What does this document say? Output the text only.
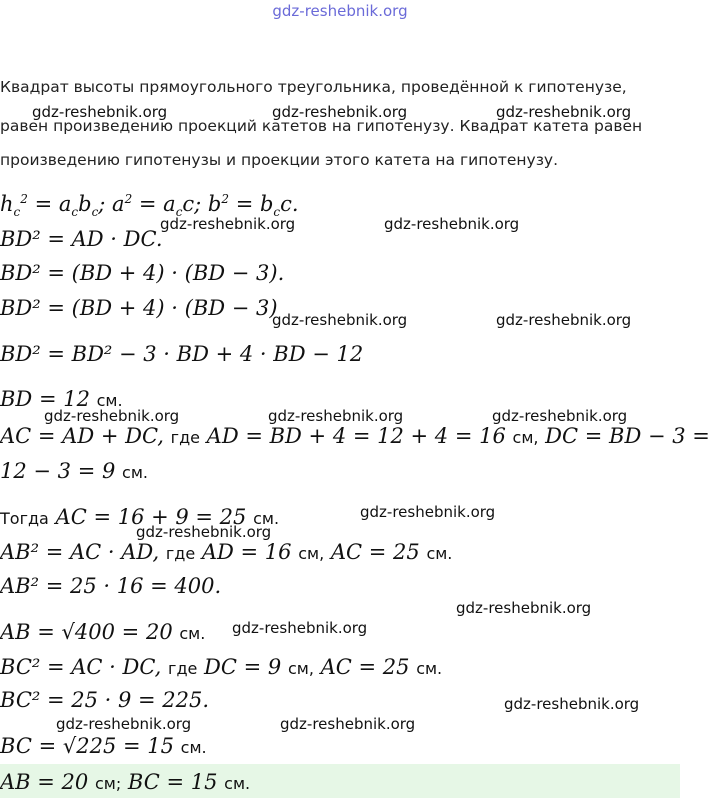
gdz-reshebnik.org
Квадрат высоты прямоугольного треугольника, проведённой к гипотенузе,
равен произведению проекций катетов на гипотенузу. Квадрат катета равен
произведению гипотенузы и проекции этого катета на гипотенузу.
$h_c^2 = a_cb_c$; $a^2 = a_cc$; $b^2 = b_cc$.
BD² = AD · DC.
BD² = (BD + 4) · (BD − 3).
BD² = (BD + 4) · (BD − 3)
BD² = BD² − 3 · BD + 4 · BD − 12
BD = 12 см.
AC = AD + DC, где AD = BD + 4 = 12 + 4 = 16 см, DC = BD − 3 =
12 − 3 = 9 см.
Тогда AC = 16 + 9 = 25 см.
AB² = AC · AD, где AD = 16 см, AC = 25 см.
AB² = 25 · 16 = 400.
AB = √400 = 20 см.
BC² = AC · DC, где DC = 9 см, AC = 25 см.
BC² = 25 · 9 = 225.
BC = √225 = 15 см.
AB = 20 см; BC = 15 см.
gdz-reshebnik.org	gdz-reshebnik.org	gdz-reshebnik.org
gdz-reshebnik.org	gdz-reshebnik.org
gdz-reshebnik.org	gdz-reshebnik.org
gdz-reshebnik.org	gdz-reshebnik.org	gdz-reshebnik.org
gdz-reshebnik.org
gdz-reshebnik.org
gdz-reshebnik.org
gdz-reshebnik.org
gdz-reshebnik.org
gdz-reshebnik.org	gdz-reshebnik.org
